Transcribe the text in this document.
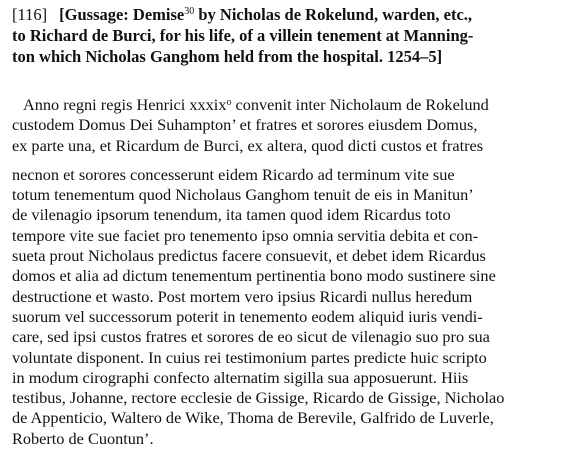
[116] [Gussage: Demise$^{30}$ by Nicholas de Rokelund, warden, etc.,
to Richard de Burci, for his life, of a villein tenement at Manning-
ton which Nicholas Ganghom held from the hospital. 1254–5]
Anno regni regis Henrici xxxix$^o$ convenit inter Nicholaum de Rokelund
custodem Domus Dei Suhampton’ et fratres et sorores eiusdem Domus,
ex parte una, et Ricardum de Burci, ex altera, quod dicti custos et fratres
necnon et sorores concesserunt eidem Ricardo ad terminum vite sue
totum tenementum quod Nicholaus Ganghom tenuit de eis in Manitun’
de vilenagio ipsorum tenendum, ita tamen quod idem Ricardus toto
tempore vite sue faciet pro tenemento ipso omnia servitia debita et con-
sueta prout Nicholaus predictus facere consuevit, et debet idem Ricardus
domos et alia ad dictum tenementum pertinentia bono modo sustinere sine
destructione et wasto. Post mortem vero ipsius Ricardi nullus heredum
suorum vel successorum poterit in tenemento eodem aliquid iuris vendi-
care, sed ipsi custos fratres et sorores de eo sicut de vilenagio suo pro sua
voluntate disponent. In cuius rei testimonium partes predicte huic scripto
in modum cirographi confecto alternatim sigilla sua apposuerunt. Hiis
testibus, Johanne, rectore ecclesie de Gissige, Ricardo de Gissige, Nicholao
de Appenticio, Waltero de Wike, Thoma de Berevile, Galfrido de Luverle,
Roberto de Cuontun’.
